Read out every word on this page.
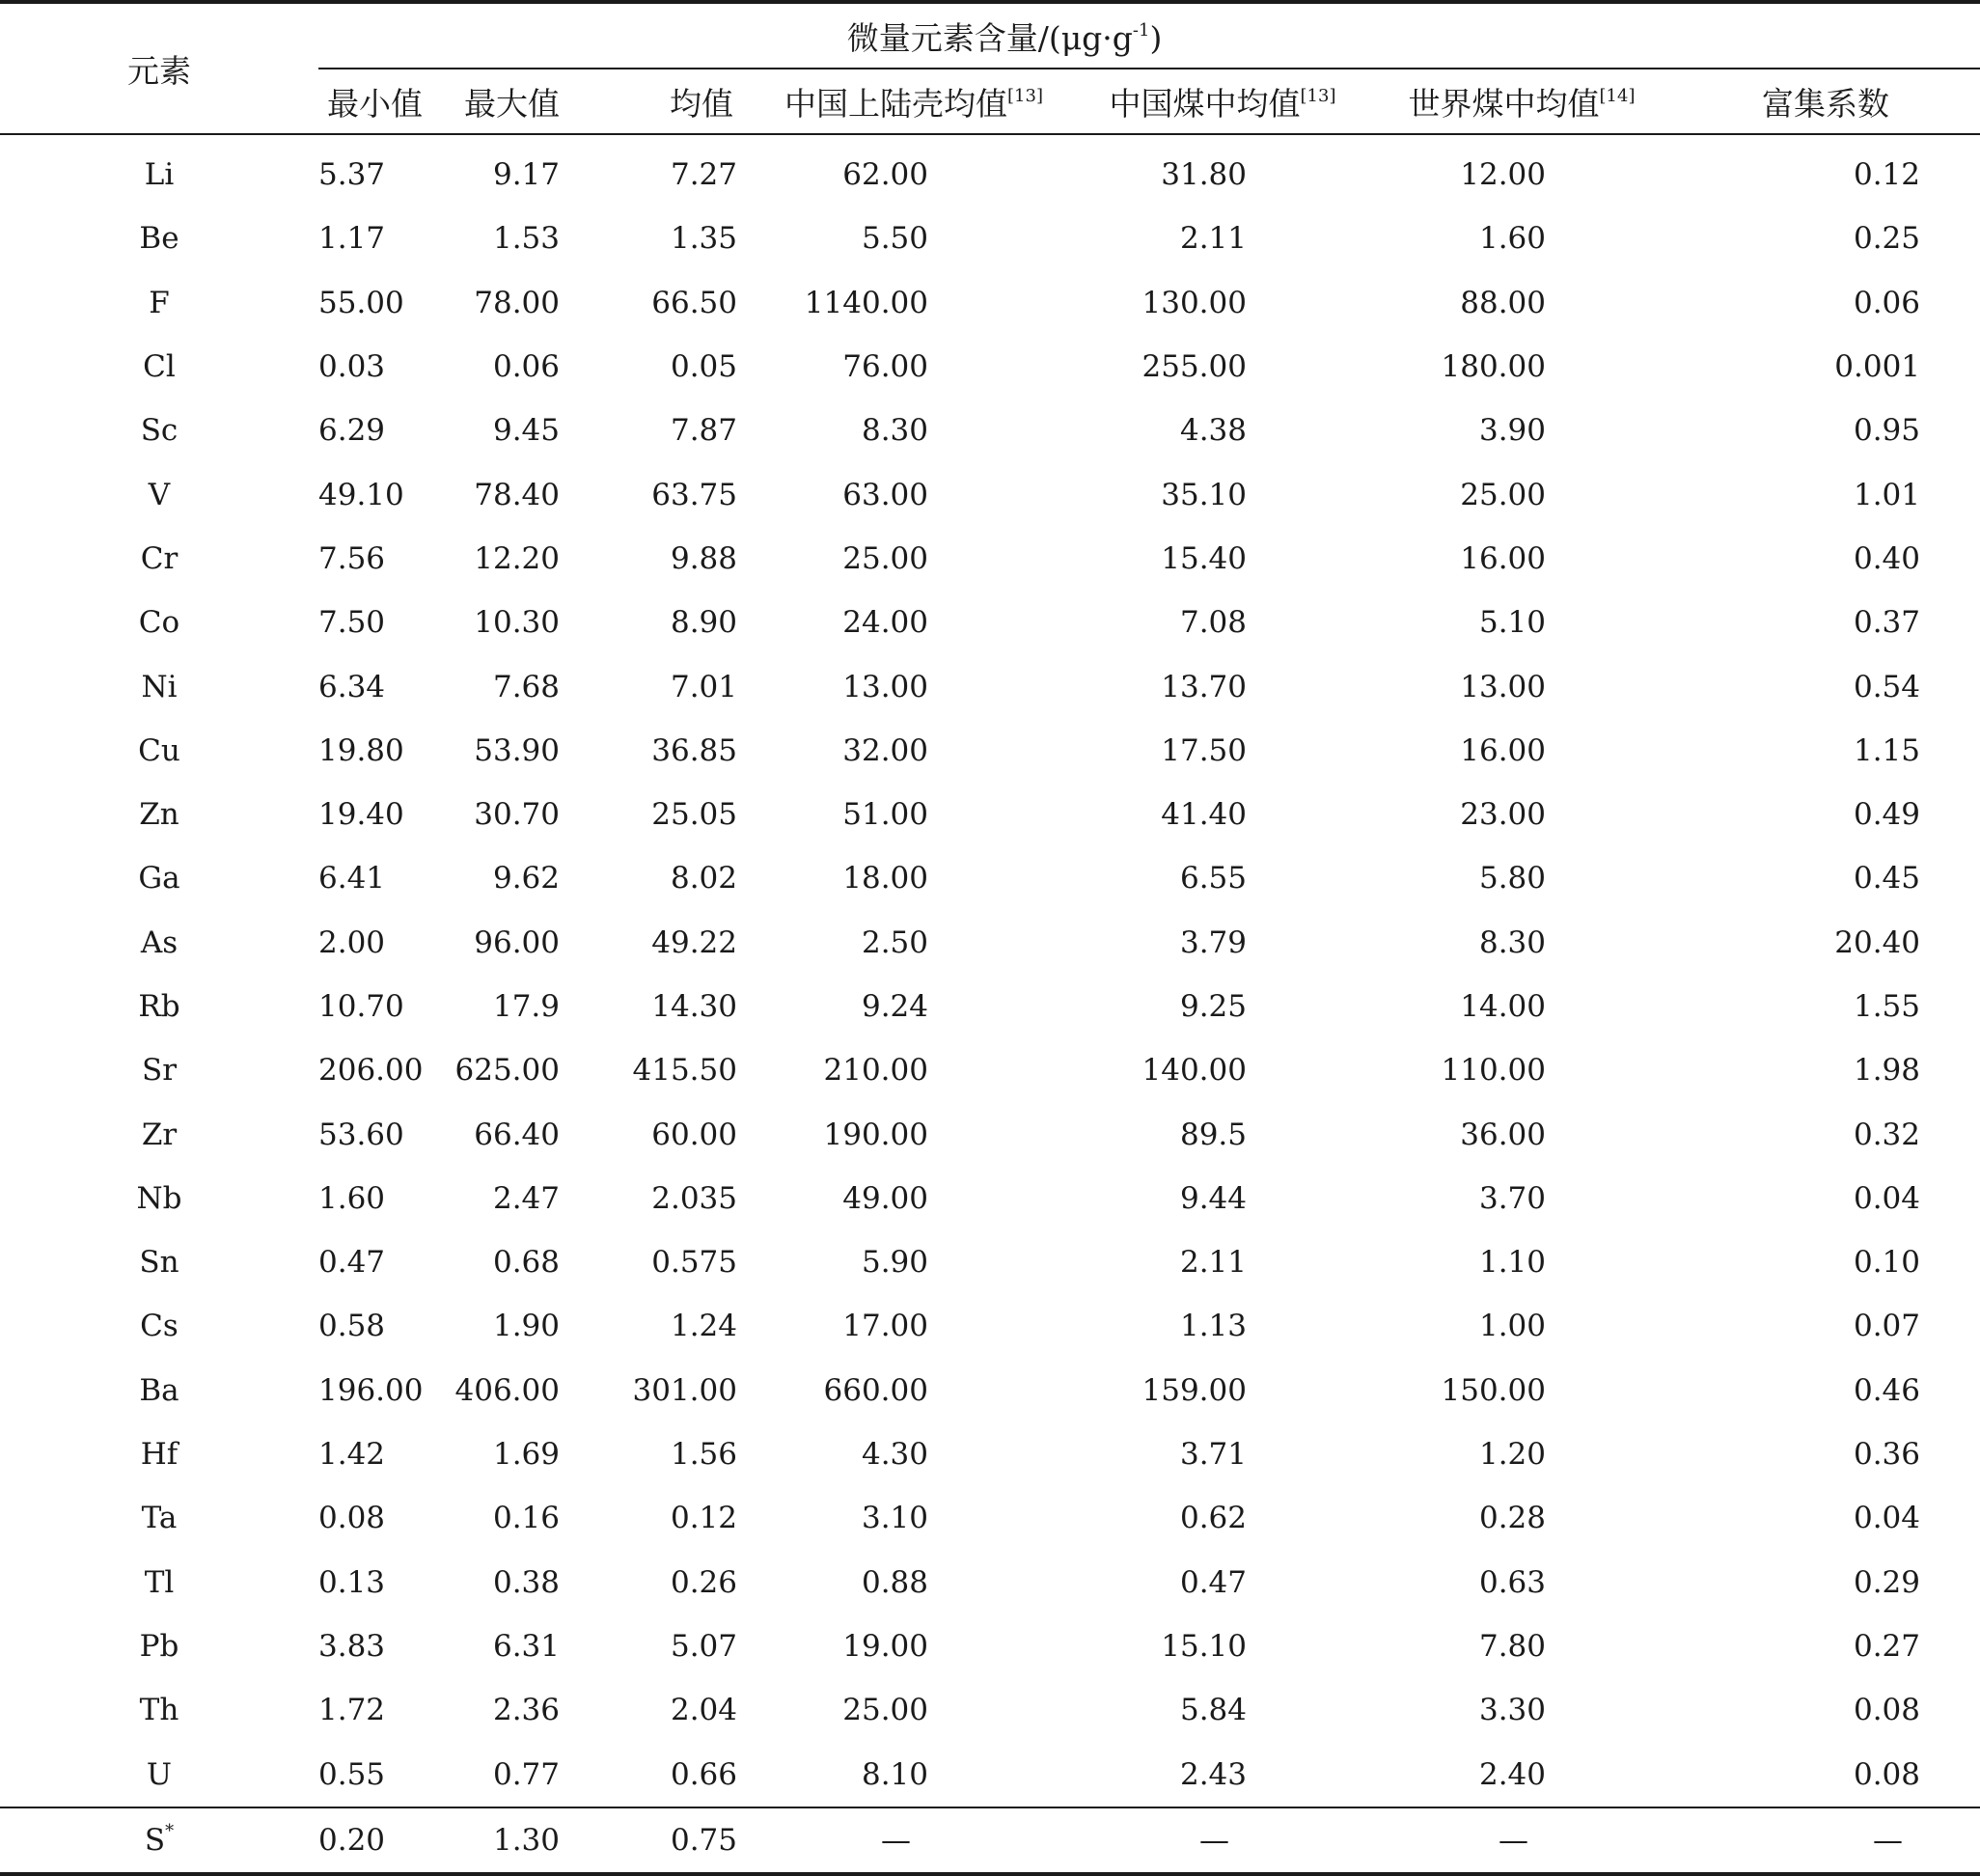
元素	微量元素含量$/(\mu g\cdot g^{-1})$						
	最小值	最大值	均值	中国上陆壳均值[13]	中国煤中均值[13]	世界煤中均值[14]	富集系数
Li	5.37	9.17	7.27	62.00	31.80	12.00	0.12
Be	1.17	1.53	1.35	5.50	2.11	1.60	0.25
F	55.00	78.00	66.50	1140.00	130.00	88.00	0.06
Cl	0.03	0.06	0.05	76.00	255.00	180.00	0.001
Sc	6.29	9.45	7.87	8.30	4.38	3.90	0.95
V	49.10	78.40	63.75	63.00	35.10	25.00	1.01
Cr	7.56	12.20	9.88	25.00	15.40	16.00	0.40
Co	7.50	10.30	8.90	24.00	7.08	5.10	0.37
Ni	6.34	7.68	7.01	13.00	13.70	13.00	0.54
Cu	19.80	53.90	36.85	32.00	17.50	16.00	1.15
Zn	19.40	30.70	25.05	51.00	41.40	23.00	0.49
Ga	6.41	9.62	8.02	18.00	6.55	5.80	0.45
As	2.00	96.00	49.22	2.50	3.79	8.30	20.40
Rb	10.70	17.9	14.30	9.24	9.25	14.00	1.55
Sr	206.00	625.00	415.50	210.00	140.00	110.00	1.98
Zr	53.60	66.40	60.00	190.00	89.5	36.00	0.32
Nb	1.60	2.47	2.035	49.00	9.44	3.70	0.04
Sn	0.47	0.68	0.575	5.90	2.11	1.10	0.10
Cs	0.58	1.90	1.24	17.00	1.13	1.00	0.07
Ba	196.00	406.00	301.00	660.00	159.00	150.00	0.46
Hf	1.42	1.69	1.56	4.30	3.71	1.20	0.36
Ta	0.08	0.16	0.12	3.10	0.62	0.28	0.04
Tl	0.13	0.38	0.26	0.88	0.47	0.63	0.29
Pb	3.83	6.31	5.07	19.00	15.10	7.80	0.27
Th	1.72	2.36	2.04	25.00	5.84	3.30	0.08
U	0.55	0.77	0.66	8.10	2.43	2.40	0.08
S*	0.20	1.30	0.75	—	—	—	—
